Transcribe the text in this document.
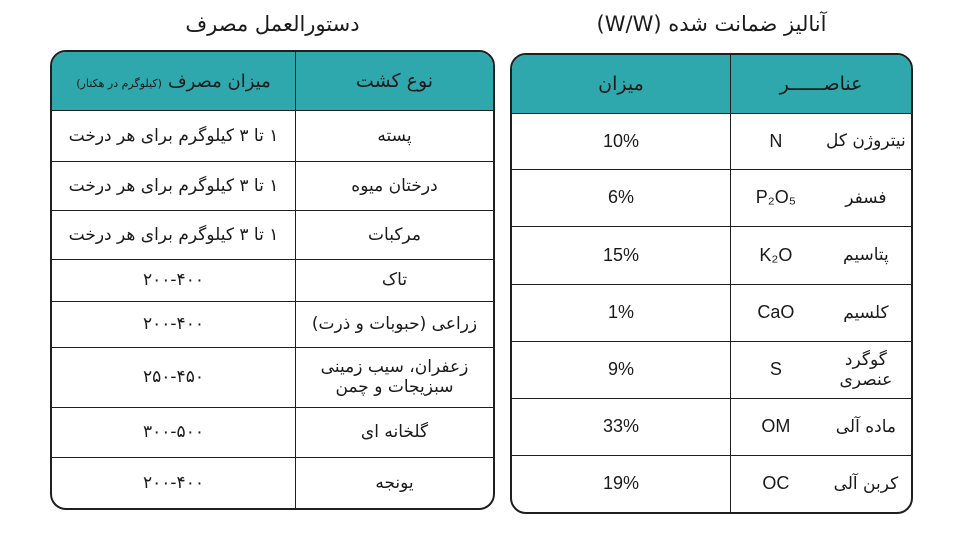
دستورالعمل مصرف
نوع کشت	میزان مصرف (کیلوگرم در هکتار)
پسته	۱ تا ۳ کیلوگرم برای هر درخت
درختان میوه	۱ تا ۳ کیلوگرم برای هر درخت
مرکبات	۱ تا ۳ کیلوگرم برای هر درخت
تاک	۲۰۰-۴۰۰
زراعی (حبوبات و ذرت)	۲۰۰-۴۰۰
زعفران، سیب زمینی سبزیجات و چمن	۲۵۰-۴۵۰
گلخانه ای	۳۰۰-۵۰۰
یونجه	۲۰۰-۴۰۰
آنالیز ضمانت شده (W/W)
عناصــــــر		میزان
نیتروژن کل	N	10%
فسفر	P₂O₅	6%
پتاسیم	K₂O	15%
کلسیم	CaO	1%
گوگرد عنصری	S	9%
ماده آلی	OM	33%
کربن آلی	OC	19%
